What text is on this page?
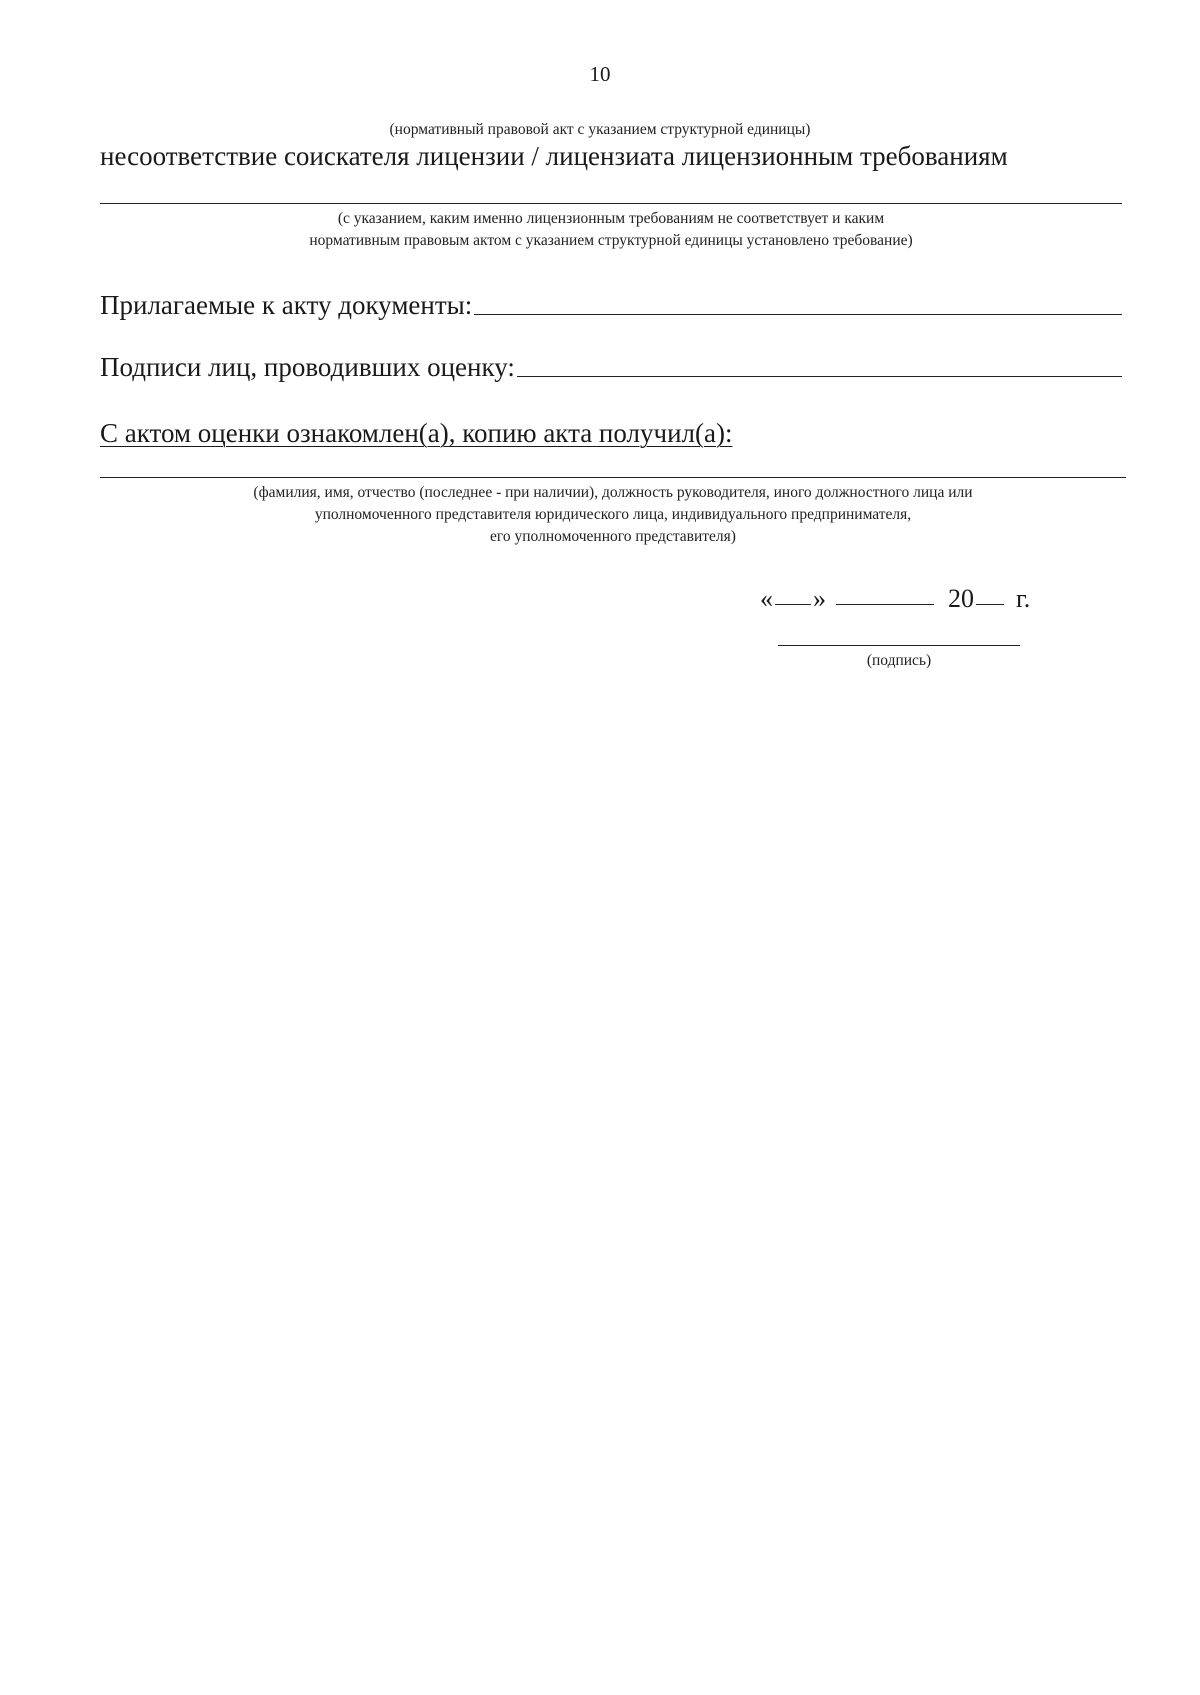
10
(нормативный правовой акт с указанием структурной единицы)
несоответствие соискателя лицензии / лицензиата лицензионным требованиям
(с указанием, каким именно лицензионным требованиям не соответствует и каким
нормативным правовым актом с указанием структурной единицы установлено требование)
Прилагаемые к акту документы:
Подписи лиц, проводивших оценку:
С актом оценки ознакомлен(а), копию акта получил(а):
(фамилия, имя, отчество (последнее - при наличии), должность руководителя, иного должностного лица или
уполномоченного представителя юридического лица, индивидуального предпринимателя,
его уполномоченного представителя)
« »	20 г.
(подпись)
